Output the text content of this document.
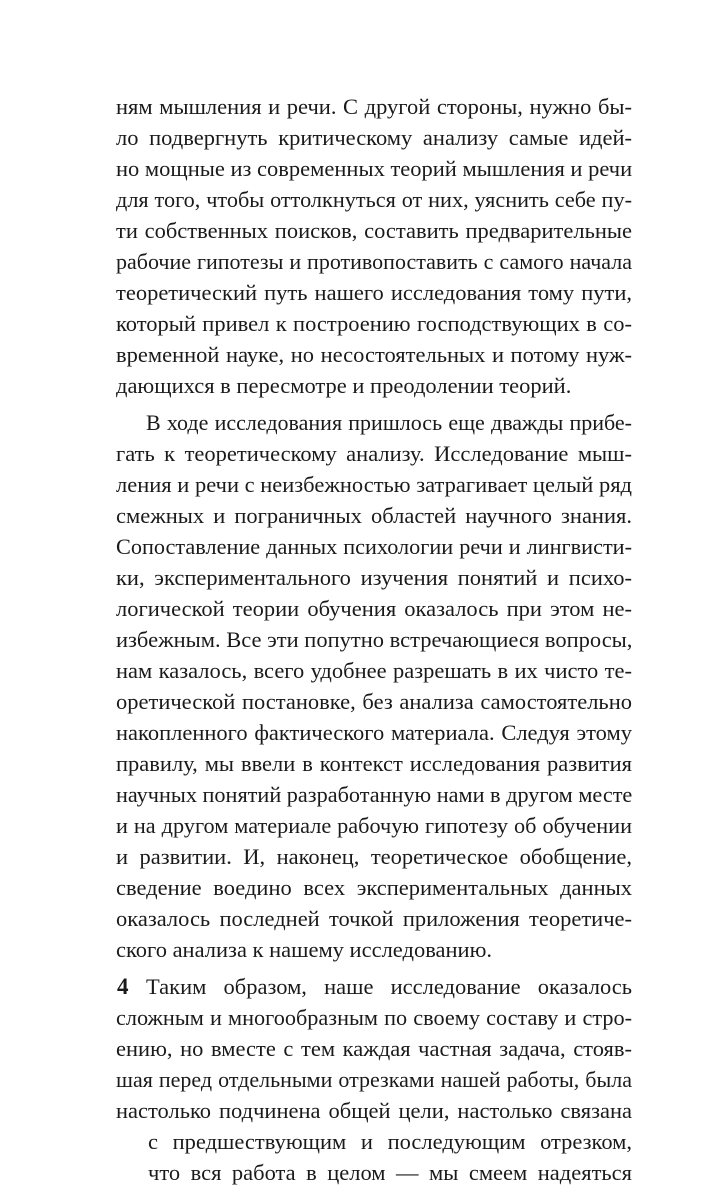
ням мышления и речи. С другой стороны, нужно бы-
ло подвергнуть критическому анализу самые идей-
но мощные из современных теорий мышления и речи
для того, чтобы оттолкнуться от них, уяснить себе пу-
ти собственных поисков, составить предварительные
рабочие гипотезы и противопоставить с самого начала
теоретический путь нашего исследования тому пути,
который привел к построению господствующих в со-
временной науке, но несостоятельных и потому нуж-
дающихся в пересмотре и преодолении теорий.
В ходе исследования пришлось еще дважды прибе-
гать к теоретическому анализу. Исследование мыш-
ления и речи с неизбежностью затрагивает целый ряд
смежных и пограничных областей научного знания.
Сопоставление данных психологии речи и лингвисти-
ки, экспериментального изучения понятий и психо-
логической теории обучения оказалось при этом не-
избежным. Все эти попутно встречающиеся вопросы,
нам казалось, всего удобнее разрешать в их чисто те-
оретической постановке, без анализа самостоятельно
накопленного фактического материала. Следуя этому
правилу, мы ввели в контекст исследования развития
научных понятий разработанную нами в другом месте
и на другом материале рабочую гипотезу об обучении
и развитии. И, наконец, теоретическое обобщение,
сведение воедино всех экспериментальных данных
оказалось последней точкой приложения теоретиче-
ского анализа к нашему исследованию.
Таким образом, наше исследование оказалось
сложным и многообразным по своему составу и стро-
ению, но вместе с тем каждая частная задача, стояв-
шая перед отдельными отрезками нашей работы, была
настолько подчинена общей цели, настолько связана
с предшествующим и последующим отрезком,
что вся работа в целом — мы смеем надеяться
4
